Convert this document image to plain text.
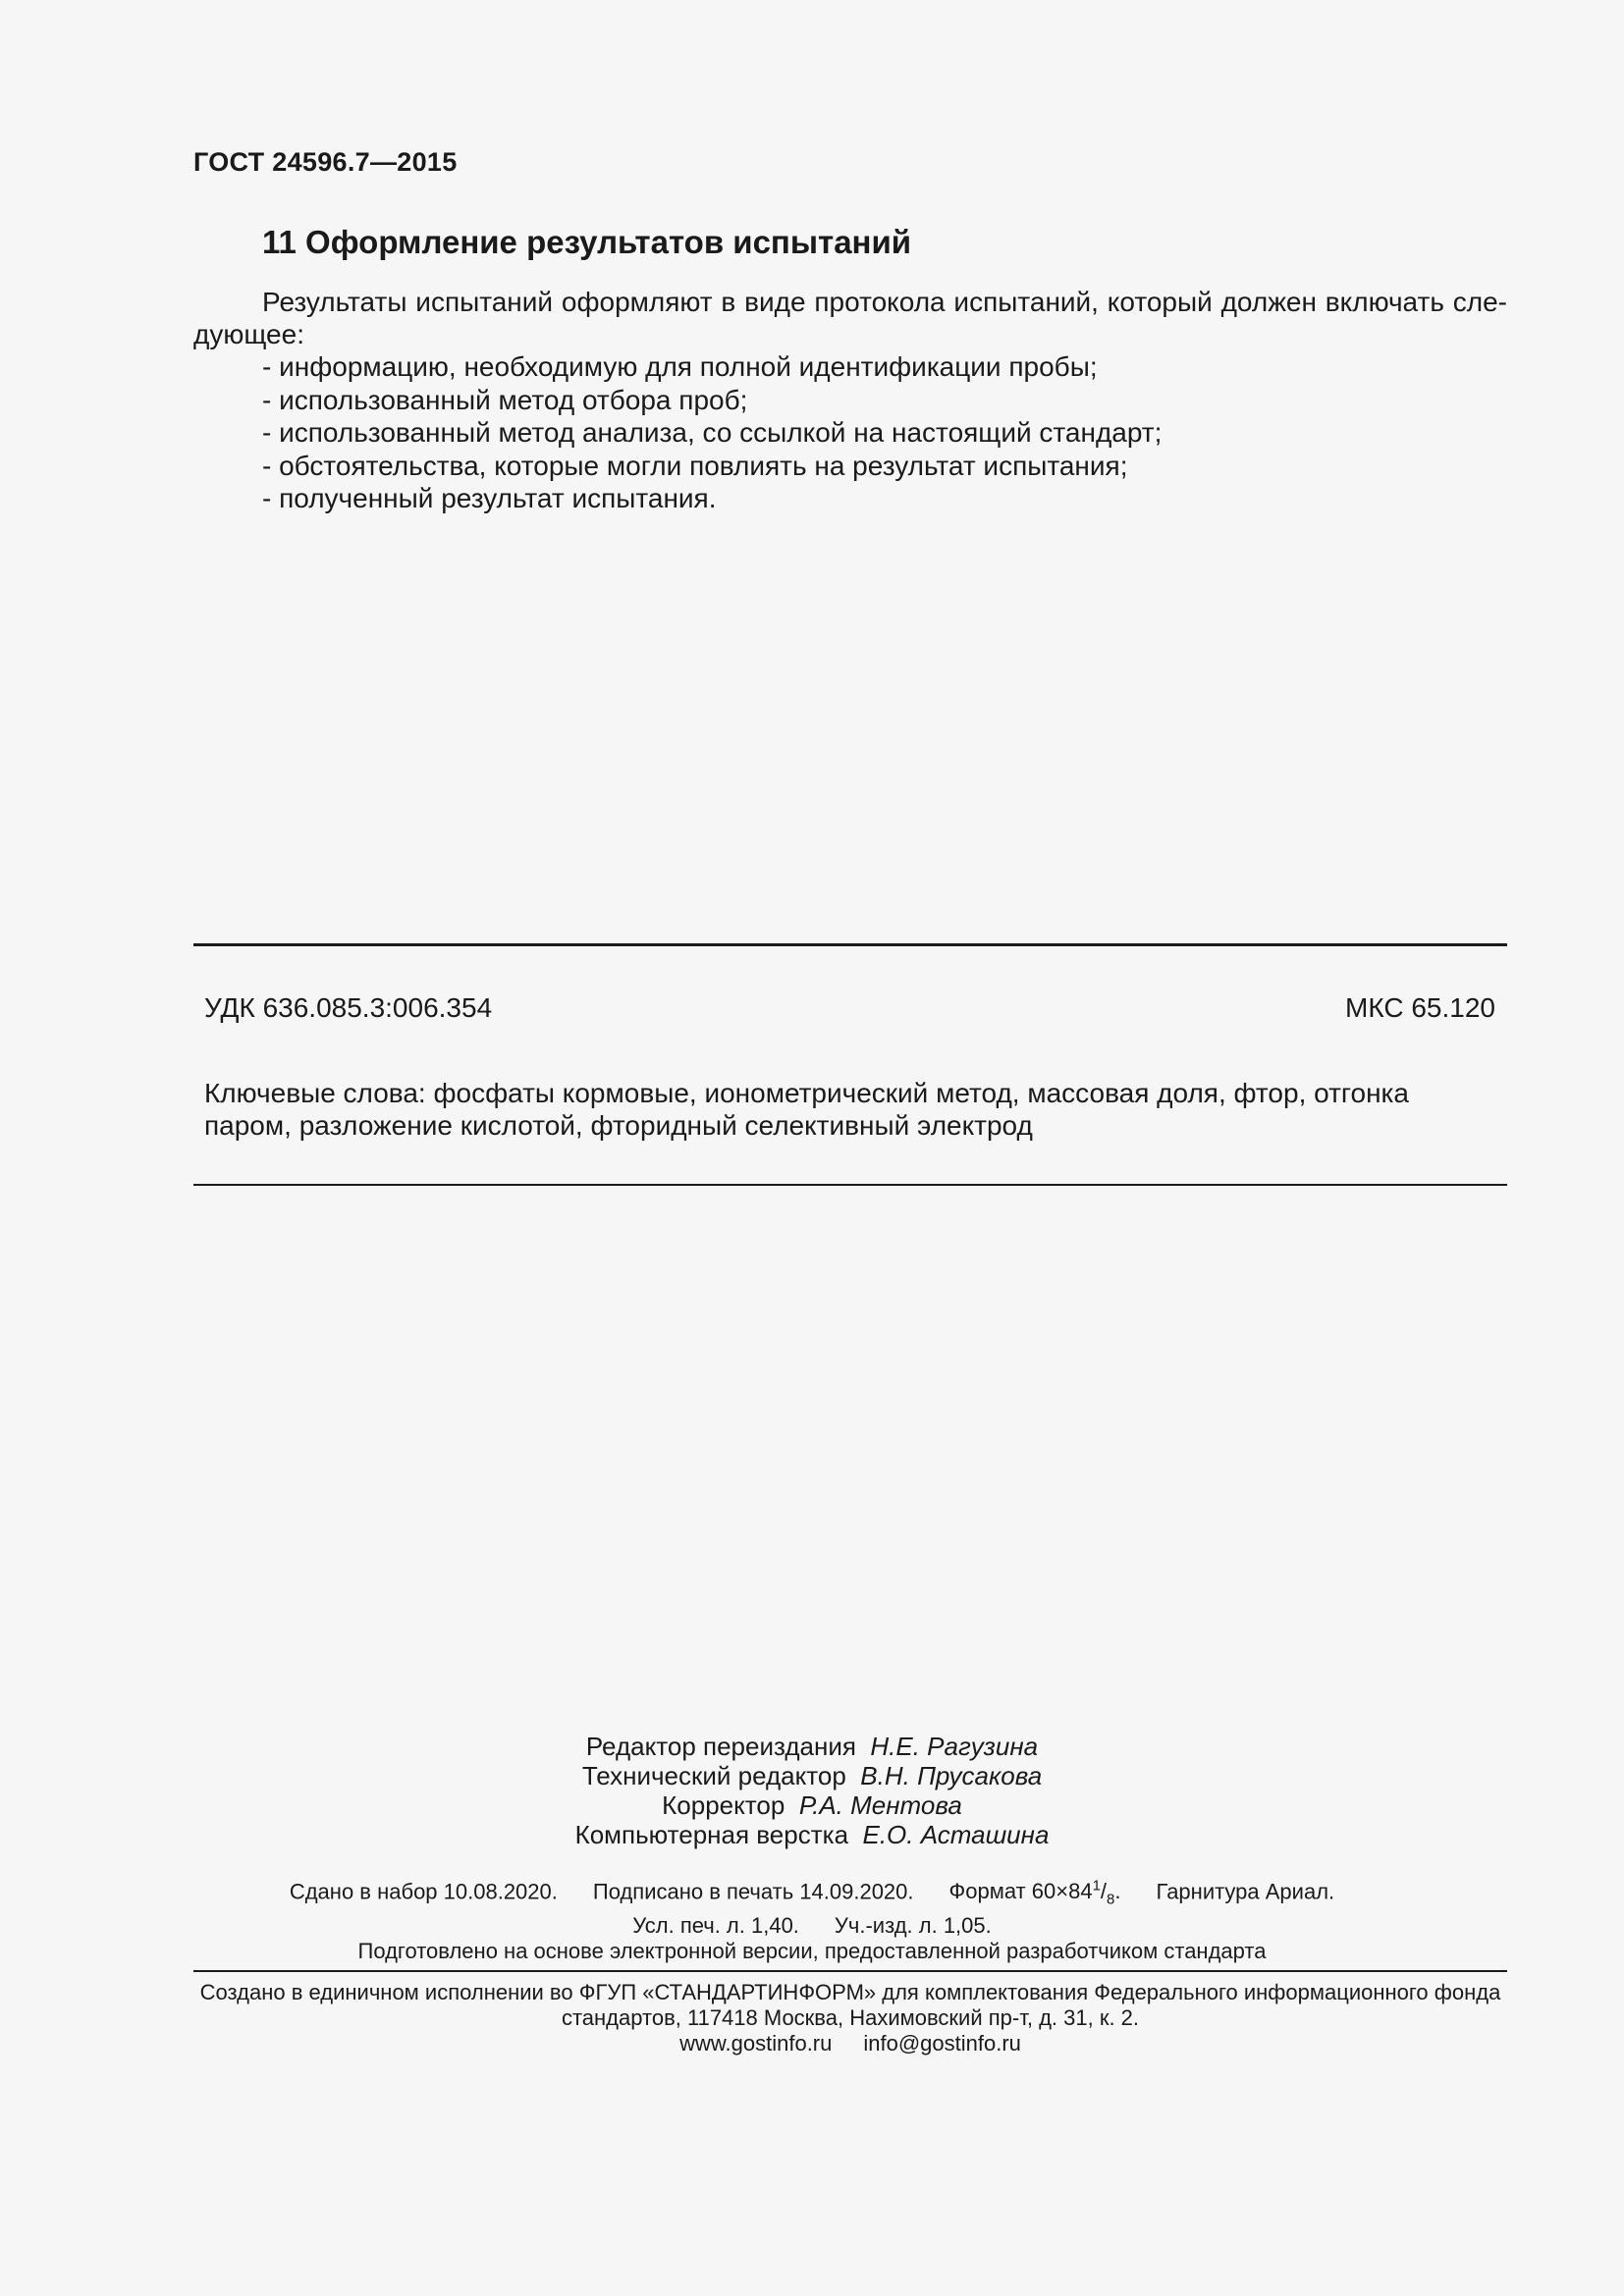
ГОСТ 24596.7—2015
11 Оформление результатов испытаний

Результаты испытаний оформляют в виде протокола испытаний, который должен включать следующее:

- информацию, необходимую для полной идентификации пробы;
- использованный метод отбора проб;
- использованный метод анализа, со ссылкой на настоящий стандарт;
- обстоятельства, которые могли повлиять на результат испытания;
- полученный результат испытания.
УДК 636.085.3:006.354	МКС 65.120

Ключевые слова: фосфаты кормовые, ионометрический метод, массовая доля, фтор, отгонка паром, разложение кислотой, фторидный селективный электрод

Редактор переиздания Н.Е. Рагузина
Технический редактор В.Н. Прусакова
Корректор Р.А. Ментова
Компьютерная верстка Е.О. Асташина
Сдано в набор 10.08.2020. Подписано в печать 14.09.2020. Формат $60\times 84^1/_8$. Гарнитура Ариал.
Усл. печ. л. 1,40. Уч.-изд. л. 1,05.
Подготовлено на основе электронной версии, предоставленной разработчиком стандарта
Создано в единичном исполнении во ФГУП «СТАНДАРТИНФОРМ» для комплектования Федерального информационного фонда
стандартов, 117418 Москва, Нахимовский пр-т, д. 31, к. 2.
www.gostinfo.ru info@gostinfo.ru
